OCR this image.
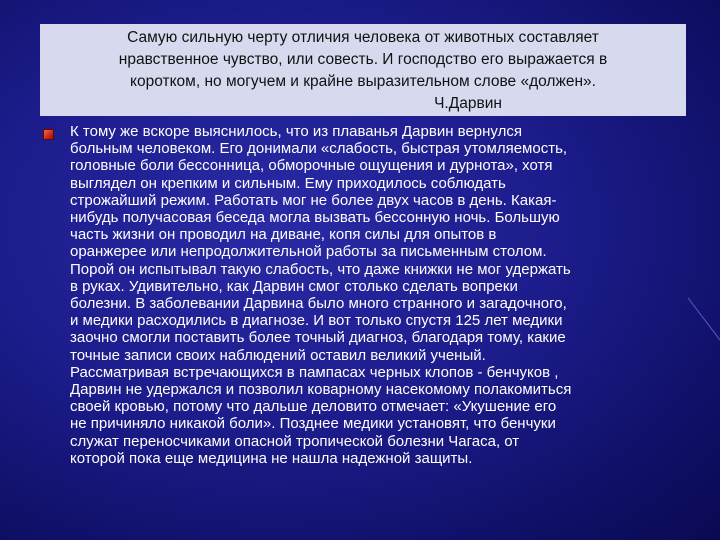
Самую сильную черту отличия человека от животных составляет
нравственное чувство, или совесть. И господство его выражается в
коротком, но могучем и крайне выразительном слове «должен».
Ч.Дарвин
К тому же вскоре выяснилось, что из плаванья Дарвин вернулся
больным человеком. Его донимали «слабость, быстрая утомляемость,
головные боли бессонница, обморочные ощущения и дурнота», хотя
выглядел он крепким и сильным. Ему приходилось соблюдать
строжайший режим. Работать мог не более двух часов в день. Какая-
нибудь получасовая беседа могла вызвать бессонную ночь. Большую
часть жизни он проводил на диване, копя силы для опытов в
оранжерее или непродолжительной работы за письменным столом.
Порой он испытывал такую слабость, что даже книжки не мог удержать
в руках. Удивительно, как Дарвин смог столько сделать вопреки
болезни. В заболевании Дарвина было много странного и загадочного,
и медики расходились в диагнозе. И вот только спустя 125 лет медики
заочно смогли поставить более точный диагноз, благодаря тому, какие
точные записи своих наблюдений оставил великий ученый.
Рассматривая встречающихся в пампасах черных клопов - бенчуков ,
Дарвин не удержался и позволил коварному насекомому полакомиться
своей кровью, потому что дальше деловито отмечает: «Укушение его
не причиняло никакой боли». Позднее медики установят, что бенчуки
служат переносчиками опасной тропической болезни Чагаса, от
которой пока еще медицина не нашла надежной защиты.
